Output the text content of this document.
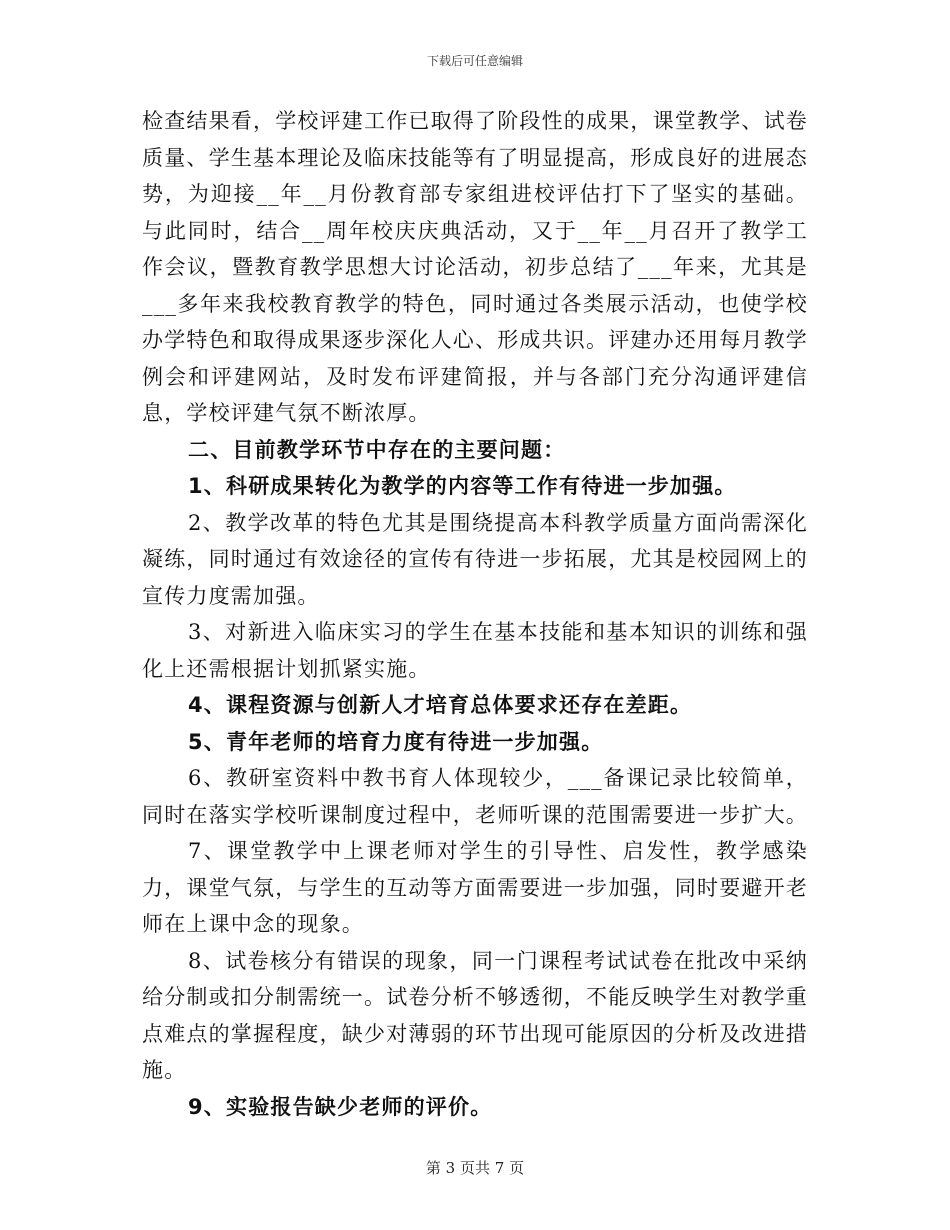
下载后可任意编辑

检查结果看，学校评建工作已取得了阶段性的成果，课堂教学、试卷质量、学生基本理论及临床技能等有了明显提高，形成良好的进展态势，为迎接__年__月份教育部专家组进校评估打下了坚实的基础。与此同时，结合__周年校庆庆典活动，又于__年__月召开了教学工作会议，暨教育教学思想大讨论活动，初步总结了___年来，尤其是___多年来我校教育教学的特色，同时通过各类展示活动，也使学校办学特色和取得成果逐步深化人心、形成共识。评建办还用每月教学例会和评建网站，及时发布评建简报，并与各部门充分沟通评建信息，学校评建气氛不断浓厚。

二、目前教学环节中存在的主要问题：

1、科研成果转化为教学的内容等工作有待进一步加强。

2、教学改革的特色尤其是围绕提高本科教学质量方面尚需深化凝练，同时通过有效途径的宣传有待进一步拓展，尤其是校园网上的宣传力度需加强。

3、对新进入临床实习的学生在基本技能和基本知识的训练和强化上还需根据计划抓紧实施。

4、课程资源与创新人才培育总体要求还存在差距。

5、青年老师的培育力度有待进一步加强。

6、教研室资料中教书育人体现较少，___备课记录比较简单，同时在落实学校听课制度过程中，老师听课的范围需要进一步扩大。

7、课堂教学中上课老师对学生的引导性、启发性，教学感染力，课堂气氛，与学生的互动等方面需要进一步加强，同时要避开老师在上课中念的现象。

8、试卷核分有错误的现象，同一门课程考试试卷在批改中采纳给分制或扣分制需统一。试卷分析不够透彻，不能反映学生对教学重点难点的掌握程度，缺少对薄弱的环节出现可能原因的分析及改进措施。

9、实验报告缺少老师的评价。

第 3 页共 7 页
